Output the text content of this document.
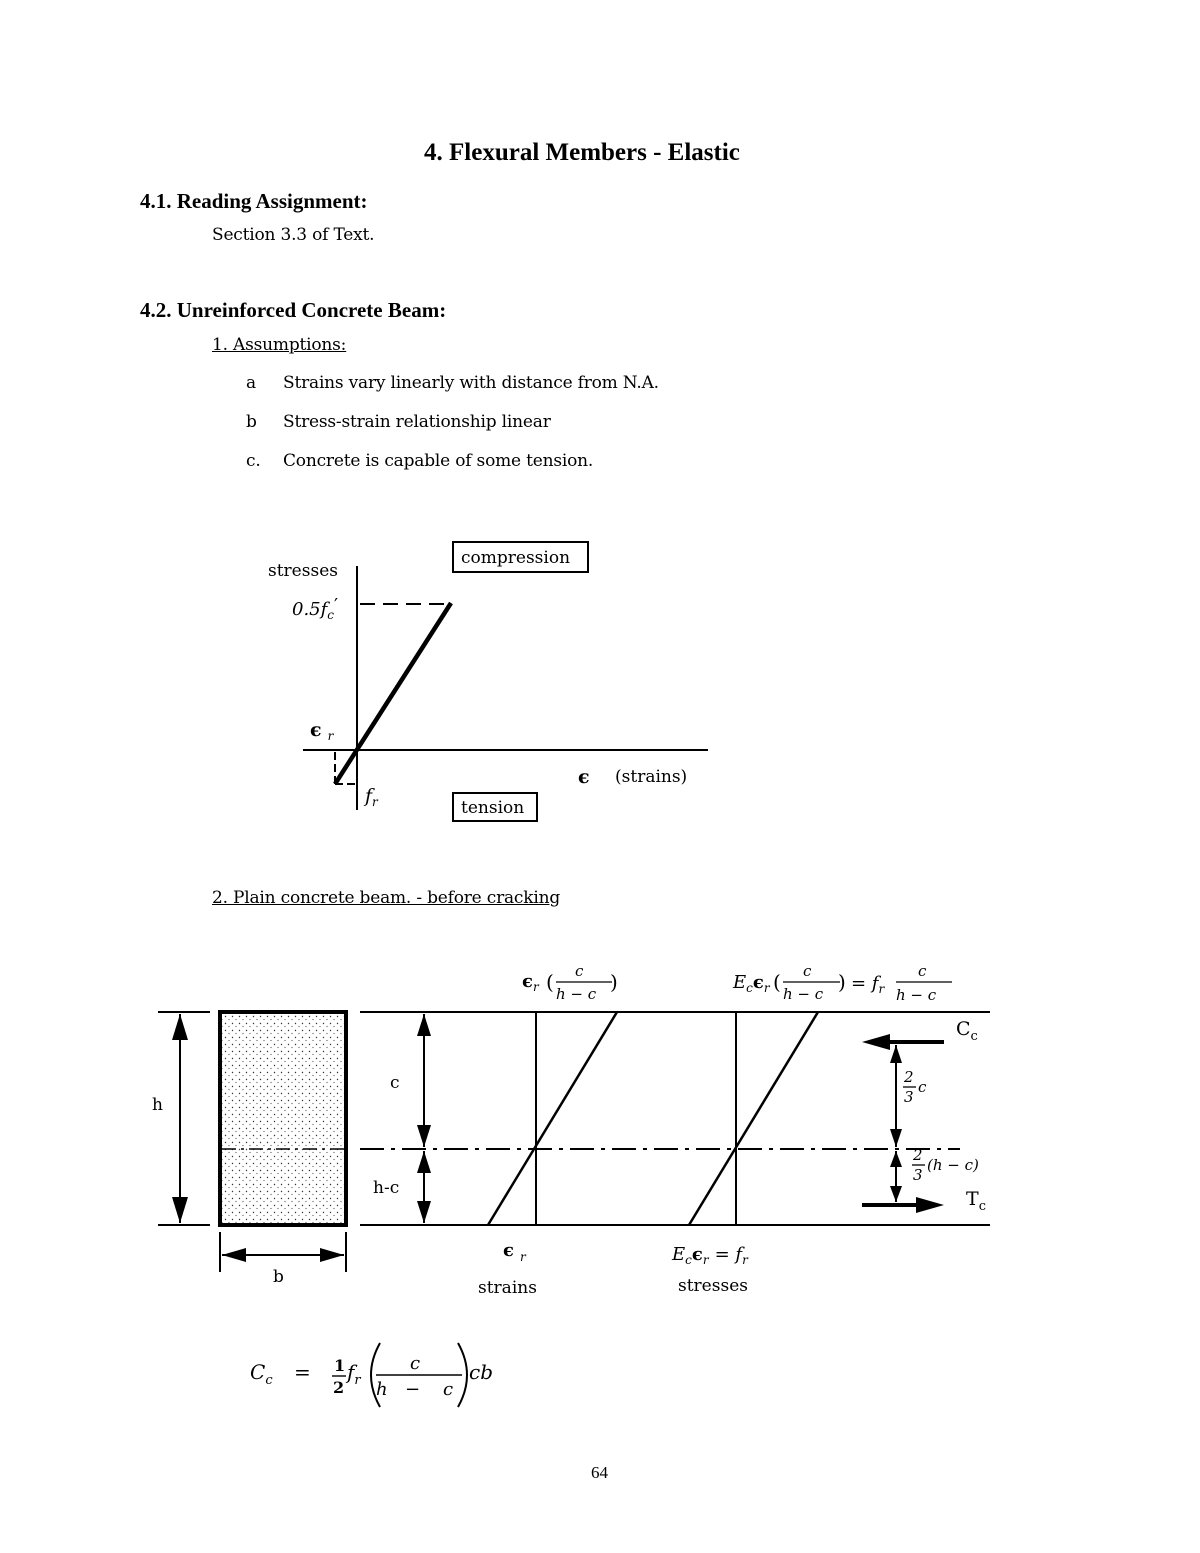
4. Flexural Members - Elastic
4.1. Reading Assignment:
Section 3.3 of Text.
4.2. Unreinforced Concrete Beam:
1. Assumptions:
a Strains vary linearly with distance from N.A.
b Stress-strain relationship linear
c. Concrete is capable of some tension.
2. Plain concrete beam. - before cracking
stresses
$0.5f_c'$
ϵ $_r$
$f_r$
compression
tension
ϵ (strains)
h
b
c
h-c
$\epsilon_r$ ( c
h − c )
ϵ $_r$
strains
$E_c\epsilon_r$ ( c
h − c ) = $f_r$
c
h − c
$E_c\epsilon_r = f_r$
stresses
$C_c$
$T_c$
2
3
c
2
3
(h − c)
$C_c = 1$
2
$f_r$
c
h − c
cb
64
